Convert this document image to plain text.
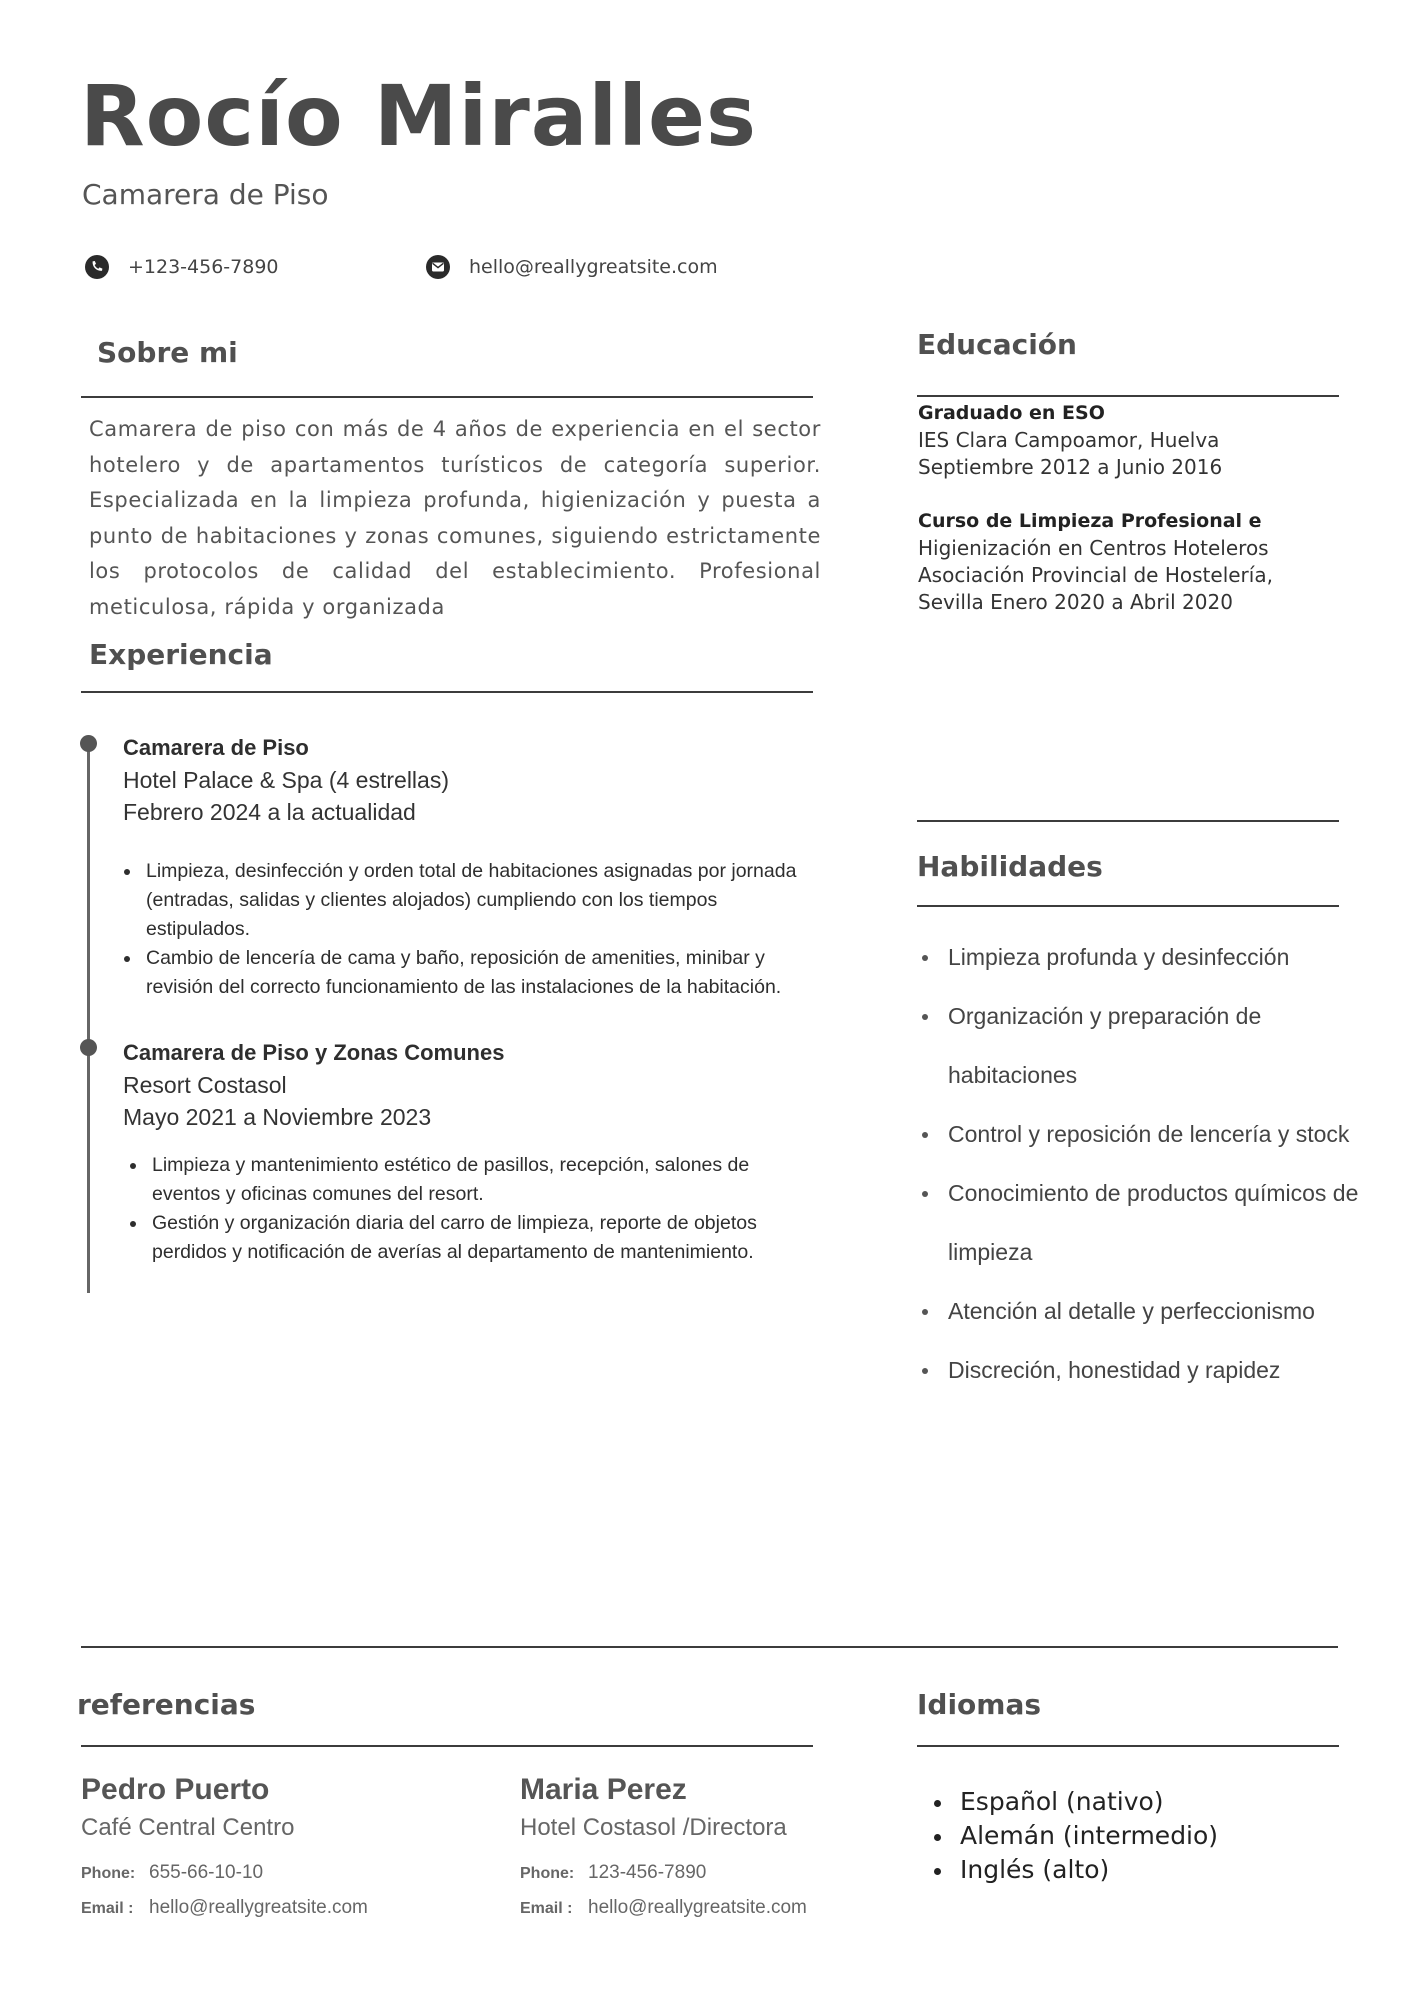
Rocío Miralles
Camarera de Piso
+123-456-7890	hello@reallygreatsite.com
Sobre mi
Camarera de piso con más de 4 años de experiencia en el sector hotelero y de apartamentos turísticos de categoría superior. Especializada en la limpieza profunda, higienización y puesta a punto de habitaciones y zonas comunes, siguiendo estrictamente los protocolos de calidad del establecimiento. Profesional meticulosa, rápida y organizada
Experiencia
Camarera de Piso
Hotel Palace & Spa (4 estrellas)
Febrero 2024 a la actualidad
Limpieza, desinfección y orden total de habitaciones asignadas por jornada (entradas, salidas y clientes alojados) cumpliendo con los tiempos estipulados.
Cambio de lencería de cama y baño, reposición de amenities, minibar y revisión del correcto funcionamiento de las instalaciones de la habitación.
Camarera de Piso y Zonas Comunes
Resort Costasol
Mayo 2021 a Noviembre 2023
Limpieza y mantenimiento estético de pasillos, recepción, salones de eventos y oficinas comunes del resort.
Gestión y organización diaria del carro de limpieza, reporte de objetos perdidos y notificación de averías al departamento de mantenimiento.
Educación
Graduado en ESO
IES Clara Campoamor, Huelva
Septiembre 2012 a Junio 2016
Curso de Limpieza Profesional e
Higienización en Centros Hoteleros
Asociación Provincial de Hostelería,
Sevilla Enero 2020 a Abril 2020
Habilidades
Limpieza profunda y desinfección
Organización y preparación de habitaciones
Control y reposición de lencería y stock
Conocimiento de productos químicos de limpieza
Atención al detalle y perfeccionismo
Discreción, honestidad y rapidez
referencias
Pedro Puerto
Café Central Centro
Phone: 655-66-10-10
Email : hello@reallygreatsite.com
Maria Perez
Hotel Costasol /Directora
Phone: 123-456-7890
Email : hello@reallygreatsite.com
Idiomas
Español (nativo)
Alemán (intermedio)
Inglés (alto)
